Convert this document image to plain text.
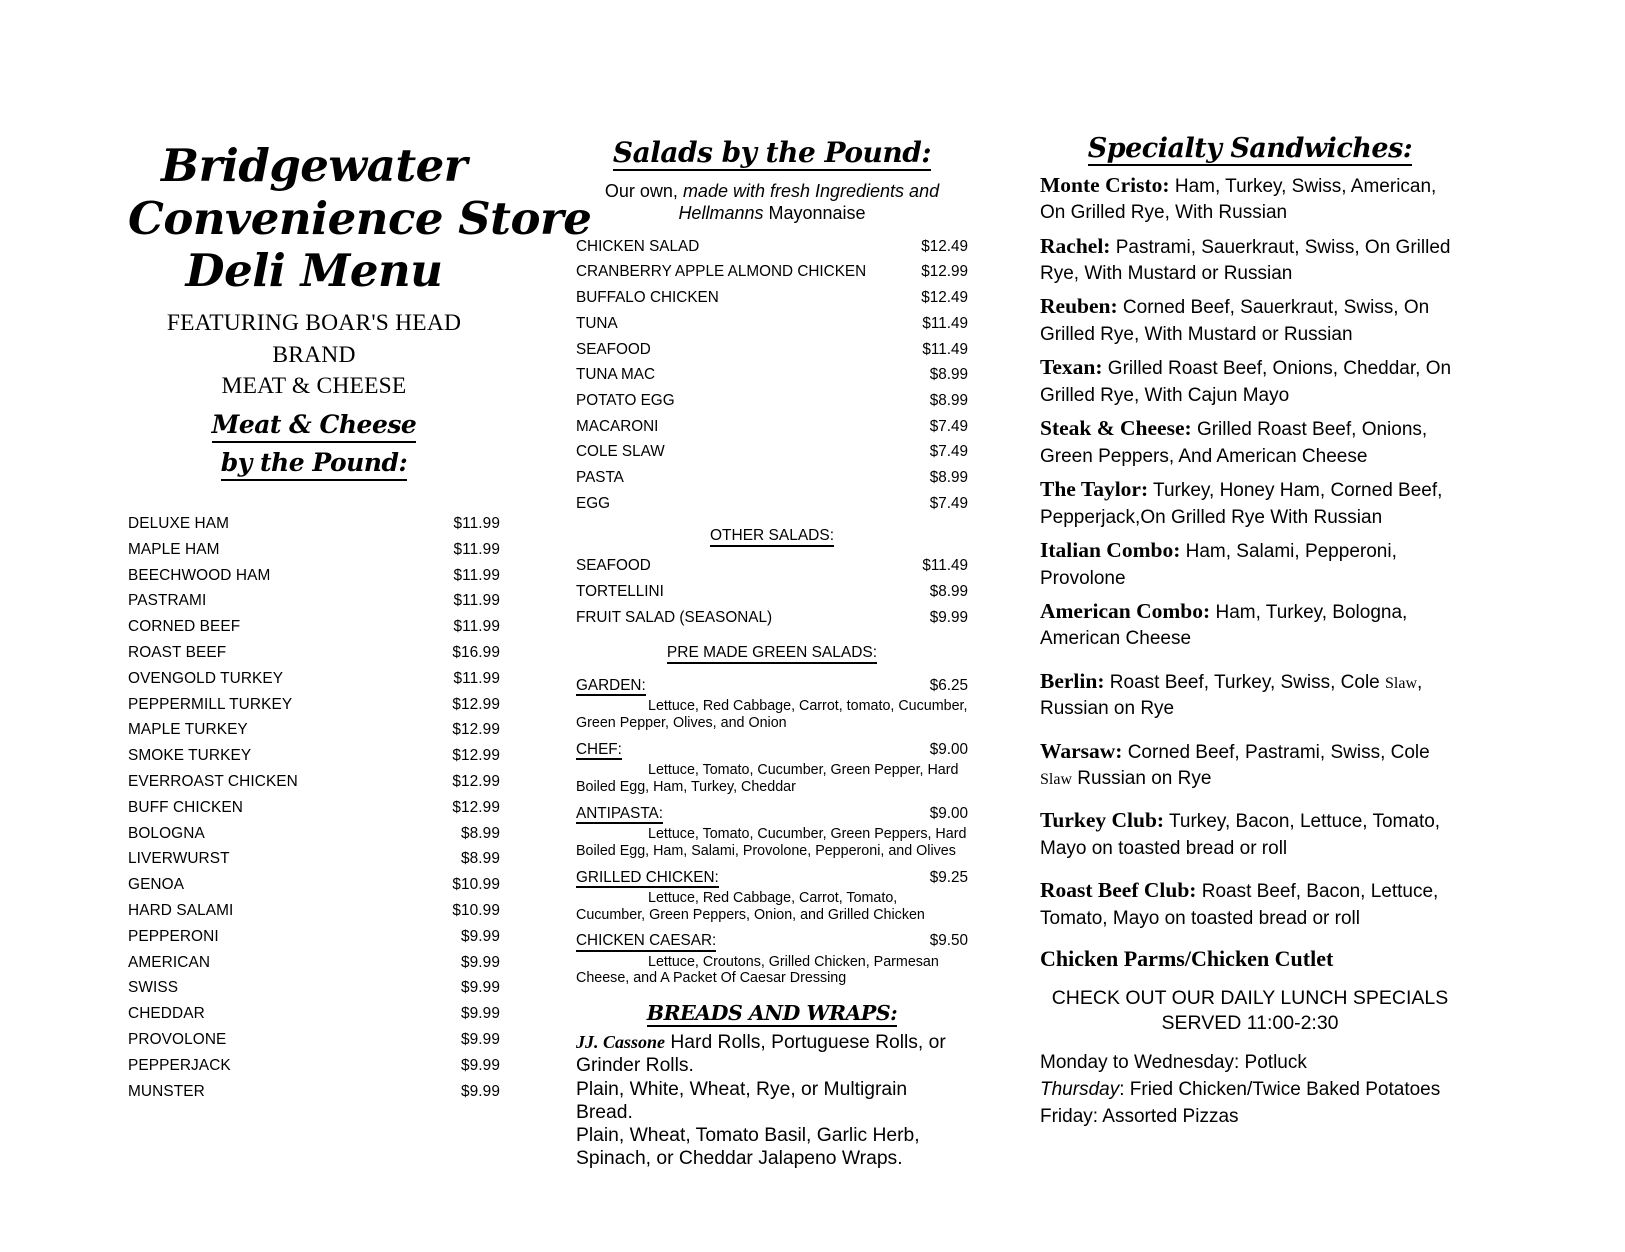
Bridgewater
Convenience Store
Deli Menu
FEATURING BOAR'S HEAD BRAND
MEAT & CHEESE
Meat & Cheese
by the Pound:
DELUXE HAM	$11.99
MAPLE HAM	$11.99
BEECHWOOD HAM	$11.99
PASTRAMI	$11.99
CORNED BEEF	$11.99
ROAST BEEF	$16.99
OVENGOLD TURKEY	$11.99
PEPPERMILL TURKEY	$12.99
MAPLE TURKEY	$12.99
SMOKE TURKEY	$12.99
EVERROAST CHICKEN	$12.99
BUFF CHICKEN	$12.99
BOLOGNA	$8.99
LIVERWURST	$8.99
GENOA	$10.99
HARD SALAMI	$10.99
PEPPERONI	$9.99
AMERICAN	$9.99
SWISS	$9.99
CHEDDAR	$9.99
PROVOLONE	$9.99
PEPPERJACK	$9.99
MUNSTER	$9.99
Salads by the Pound:
Our own, made with fresh Ingredients and
Hellmanns Mayonnaise
CHICKEN SALAD	$12.49
CRANBERRY APPLE ALMOND CHICKEN	$12.99
BUFFALO CHICKEN	$12.49
TUNA	$11.49
SEAFOOD	$11.49
TUNA MAC	$8.99
POTATO EGG	$8.99
MACARONI	$7.49
COLE SLAW	$7.49
PASTA	$8.99
EGG	$7.49
OTHER SALADS:
SEAFOOD	$11.49
TORTELLINI	$8.99
FRUIT SALAD (SEASONAL)	$9.99
PRE MADE GREEN SALADS:
GARDEN:	$6.25
Lettuce, Red Cabbage, Carrot, tomato, Cucumber, Green Pepper, Olives, and Onion
CHEF:	$9.00
Lettuce, Tomato, Cucumber, Green Pepper, Hard Boiled Egg, Ham, Turkey, Cheddar
ANTIPASTA:	$9.00
Lettuce, Tomato, Cucumber, Green Peppers, Hard Boiled Egg, Ham, Salami, Provolone, Pepperoni, and Olives
GRILLED CHICKEN:	$9.25
Lettuce, Red Cabbage, Carrot, Tomato, Cucumber, Green Peppers, Onion, and Grilled Chicken
CHICKEN CAESAR:	$9.50
Lettuce, Croutons, Grilled Chicken, Parmesan Cheese, and A Packet Of Caesar Dressing
BREADS AND WRAPS:

JJ. Cassone Hard Rolls, Portuguese Rolls, or Grinder Rolls.

Plain, White, Wheat, Rye, or Multigrain Bread.

Plain, Wheat, Tomato Basil, Garlic Herb, Spinach, or Cheddar Jalapeno Wraps.

Specialty Sandwiches:
Monte Cristo: Ham, Turkey, Swiss, American, On Grilled Rye, With Russian
Rachel: Pastrami, Sauerkraut, Swiss, On Grilled Rye, With Mustard or Russian
Reuben: Corned Beef, Sauerkraut, Swiss, On Grilled Rye, With Mustard or Russian
Texan: Grilled Roast Beef, Onions, Cheddar, On Grilled Rye, With Cajun Mayo
Steak & Cheese: Grilled Roast Beef, Onions, Green Peppers, And American Cheese
The Taylor: Turkey, Honey Ham, Corned Beef, Pepperjack,On Grilled Rye With Russian
Italian Combo: Ham, Salami, Pepperoni, Provolone
American Combo: Ham, Turkey, Bologna, American Cheese
Berlin: Roast Beef, Turkey, Swiss, Cole Slaw, Russian on Rye
Warsaw: Corned Beef, Pastrami, Swiss, Cole Slaw Russian on Rye
Turkey Club: Turkey, Bacon, Lettuce, Tomato, Mayo on toasted bread or roll
Roast Beef Club: Roast Beef, Bacon, Lettuce, Tomato, Mayo on toasted bread or roll
Chicken Parms/Chicken Cutlet
CHECK OUT OUR DAILY LUNCH SPECIALS
SERVED 11:00-2:30

Monday to Wednesday: Potluck

Thursday: Fried Chicken/Twice Baked Potatoes

Friday: Assorted Pizzas
